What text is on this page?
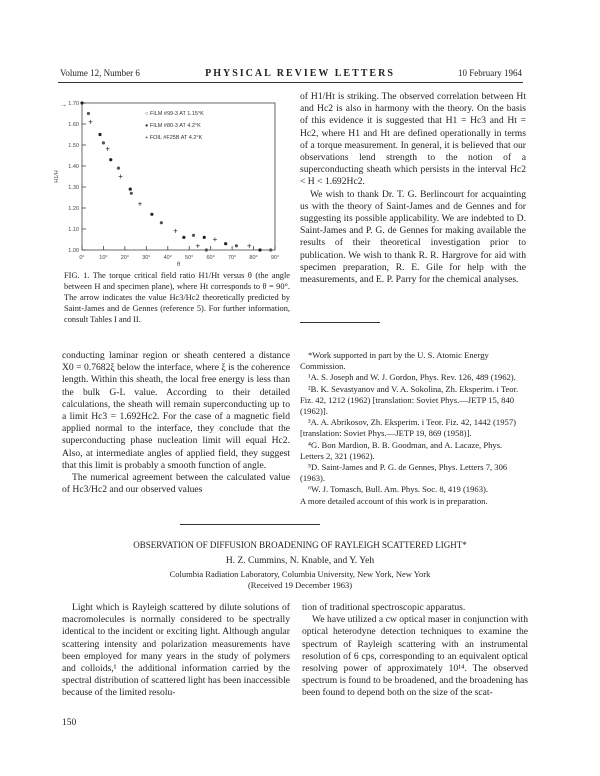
Volume 12, Number 6	PHYSICAL REVIEW LETTERS	10 February 1964
0°	10° 20° 30° 40° 50° 60° 70° 80° 90°
1.70
1.60
1.50
1.40
1.30
1.20
1.10
1.00
θ
H1/H
→
○ FILM #99-3 AT 1.15°K
● FILM #80-3 AT 4.2°K
+ FOIL #F25B AT 4.2°K
+
+
+
+
+
+
+
+
FIG. 1. The torque critical field ratio H1/Ht versus θ (the angle between H and specimen plane), where Ht corresponds to θ = 90°. The arrow indicates the value Hc3/Hc2 theoretically predicted by Saint-James and de Gennes (reference 5). For further information, consult Tables I and II.

conducting laminar region or sheath centered a distance X0 = 0.7682ξ below the interface, where ξ is the coherence length. Within this sheath, the local free energy is less than the bulk G-L value. According to their detailed calculations, the sheath will remain superconducting up to a limit Hc3 = 1.692Hc2. For the case of a magnetic field applied normal to the interface, they conclude that the superconducting phase nucleation limit will equal Hc2. Also, at intermediate angles of applied field, they suggest that this limit is probably a smooth function of angle.

The numerical agreement between the calculated value of Hc3/Hc2 and our observed values

of H1/Ht is striking. The observed correlation between Ht and Hc2 is also in harmony with the theory. On the basis of this evidence it is suggested that H1 = Hc3 and Ht = Hc2, where H1 and Ht are defined operationally in terms of a torque measurement. In general, it is believed that our observations lend strength to the notion of a superconducting sheath which persists in the interval Hc2 < H < 1.692Hc2.

We wish to thank Dr. T. G. Berlincourt for acquainting us with the theory of Saint-James and de Gennes and for suggesting its possible applicability. We are indebted to D. Saint-James and P. G. de Gennes for making available the results of their theoretical investigation prior to publication. We wish to thank R. R. Hargrove for aid with specimen preparation, R. E. Gile for help with the measurements, and E. P. Parry for the chemical analyses.

*Work supported in part by the U. S. Atomic Energy Commission.
¹A. S. Joseph and W. J. Gordon, Phys. Rev. 126, 489 (1962).
²B. K. Sevastyanov and V. A. Sokolina, Zh. Eksperim. i Teor. Fiz. 42, 1212 (1962) [translation: Soviet Phys.—JETP 15, 840 (1962)].
³A. A. Abrikosov, Zh. Eksperim. i Teor. Fiz. 42, 1442 (1957) [translation: Soviet Phys.—JETP 19, 869 (1958)].
⁴G. Bon Mardion, B. B. Goodman, and A. Lacaze, Phys. Letters 2, 321 (1962).
⁵D. Saint-James and P. G. de Gennes, Phys. Letters 7, 306 (1963).
⁶W. J. Tomasch, Bull. Am. Phys. Soc. 8, 419 (1963).
A more detailed account of this work is in preparation.
OBSERVATION OF DIFFUSION BROADENING OF RAYLEIGH SCATTERED LIGHT*
H. Z. Cummins, N. Knable, and Y. Yeh
Columbia Radiation Laboratory, Columbia University, New York, New York
(Received 19 December 1963)

Light which is Rayleigh scattered by dilute solutions of macromolecules is normally considered to be spectrally identical to the incident or exciting light. Although angular scattering intensity and polarization measurements have been employed for many years in the study of polymers and colloids,¹ the additional information carried by the spectral distribution of scattered light has been inaccessible because of the limited resolu-

tion of traditional spectroscopic apparatus.

We have utilized a cw optical maser in conjunction with optical heterodyne detection techniques to examine the spectrum of Rayleigh scattering with an instrumental resolution of 6 cps, corresponding to an equivalent optical resolving power of approximately 10¹⁴. The observed spectrum is found to be broadened, and the broadening has been found to depend both on the size of the scat-

150
